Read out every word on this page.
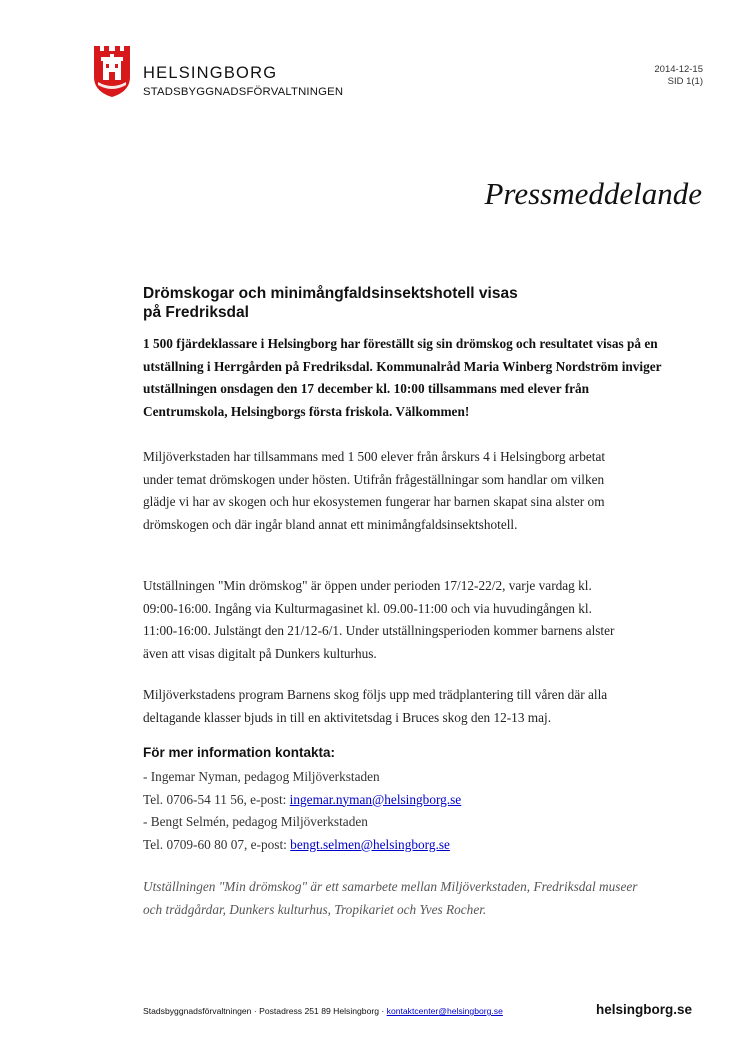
HELSINGBORG
STADSBYGGNADSFÖRVALTNINGEN
2014-12-15
SID 1(1)
Pressmeddelande
Drömskogar och minimångfaldsinsektshotell visas
på Fredriksdal

1 500 fjärdeklassare i Helsingborg har föreställt sig sin drömskog och resultatet visas på en utställning i Herrgården på Fredriksdal. Kommunalråd Maria Winberg Nordström inviger utställningen onsdagen den 17 december kl. 10:00 tillsammans med elever från Centrumskola, Helsingborgs första friskola. Välkommen!

Miljöverkstaden har tillsammans med 1 500 elever från årskurs 4 i Helsingborg arbetat under temat drömskogen under hösten. Utifrån frågeställningar som handlar om vilken glädje vi har av skogen och hur ekosystemen fungerar har barnen skapat sina alster om drömskogen och där ingår bland annat ett minimångfaldsinsektshotell.

Utställningen "Min drömskog" är öppen under perioden 17/12-22/2, varje vardag kl. 09:00-16:00. Ingång via Kulturmagasinet kl. 09.00-11:00 och via huvudingången kl. 11:00-16:00. Julstängt den 21/12-6/1. Under utställningsperioden kommer barnens alster även att visas digitalt på Dunkers kulturhus.

Miljöverkstadens program Barnens skog följs upp med trädplantering till våren där alla deltagande klasser bjuds in till en aktivitetsdag i Bruces skog den 12-13 maj.

För mer information kontakta:
- Ingemar Nyman, pedagog Miljöverkstaden
Tel. 0706-54 11 56, e-post: ingemar.nyman@helsingborg.se
- Bengt Selmén, pedagog Miljöverkstaden
Tel. 0709-60 80 07, e-post: bengt.selmen@helsingborg.se

Utställningen "Min drömskog" är ett samarbete mellan Miljöverkstaden, Fredriksdal museer och trädgårdar, Dunkers kulturhus, Tropikariet och Yves Rocher.

Stadsbyggnadsförvaltningen · Postadress 251 89 Helsingborg · kontaktcenter@helsingborg.se	helsingborg.se
